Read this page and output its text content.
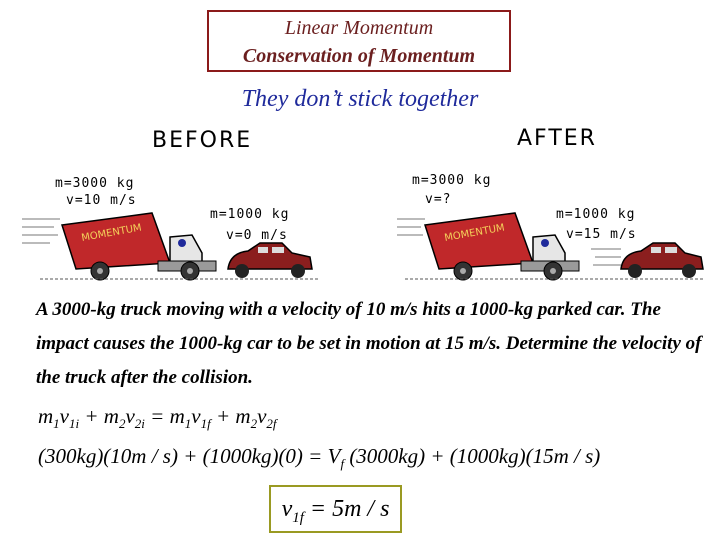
Linear Momentum
Conservation of Momentum
They don’t stick together
BEFORE
m=3000 kg
v=10 m/s
m=1000 kg
v=0 m/s
MOMENTUM
AFTER
m=3000 kg
v=?
m=1000 kg
v=15 m/s
MOMENTUM
A 3000-kg truck moving with a velocity of 10 m/s hits a 1000-kg parked car. The impact causes the 1000-kg car to be set in motion at 15 m/s. Determine the velocity of the truck after the collision.
$m_1v_{1i} + m_2v_{2i} = m_1v_{1f} + m_2v_{2f}$
$(300kg)(10m / s) + (1000kg)(0) = V_f$ (3000kg) + (1000kg)(15m / s)
$v_{1f} = 5m / s$
